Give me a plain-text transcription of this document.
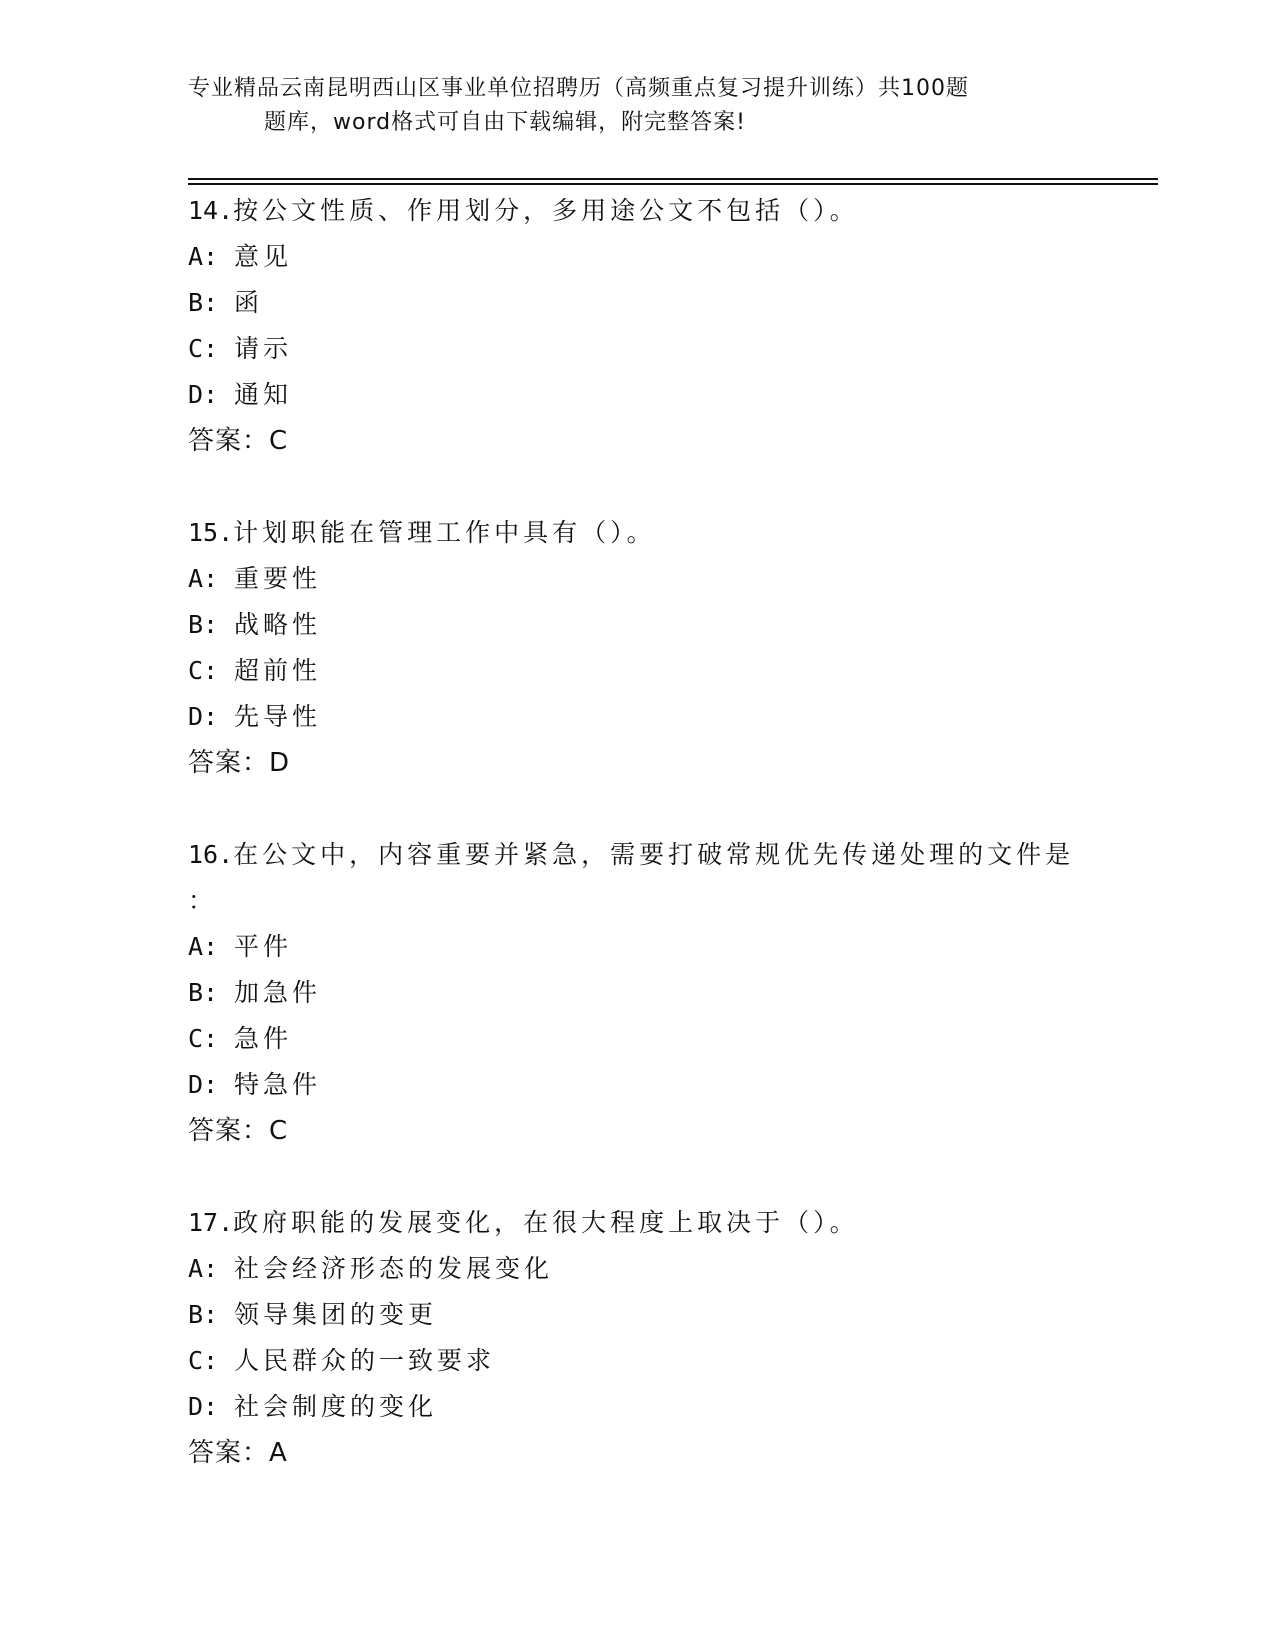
专业精品云南昆明西山区事业单位招聘历（高频重点复习提升训练）共100题
题库，word格式可自由下载编辑，附完整答案!
14.按公文性质、作用划分，多用途公文不包括（）。
A: 意见
B: 函
C: 请示
D: 通知
答案：C
15.计划职能在管理工作中具有（）。
A: 重要性
B: 战略性
C: 超前性
D: 先导性
答案：D
16.在公文中，内容重要并紧急，需要打破常规优先传递处理的文件是
：
A: 平件
B: 加急件
C: 急件
D: 特急件
答案：C
17.政府职能的发展变化，在很大程度上取决于（）。
A: 社会经济形态的发展变化
B: 领导集团的变更
C: 人民群众的一致要求
D: 社会制度的变化
答案：A
